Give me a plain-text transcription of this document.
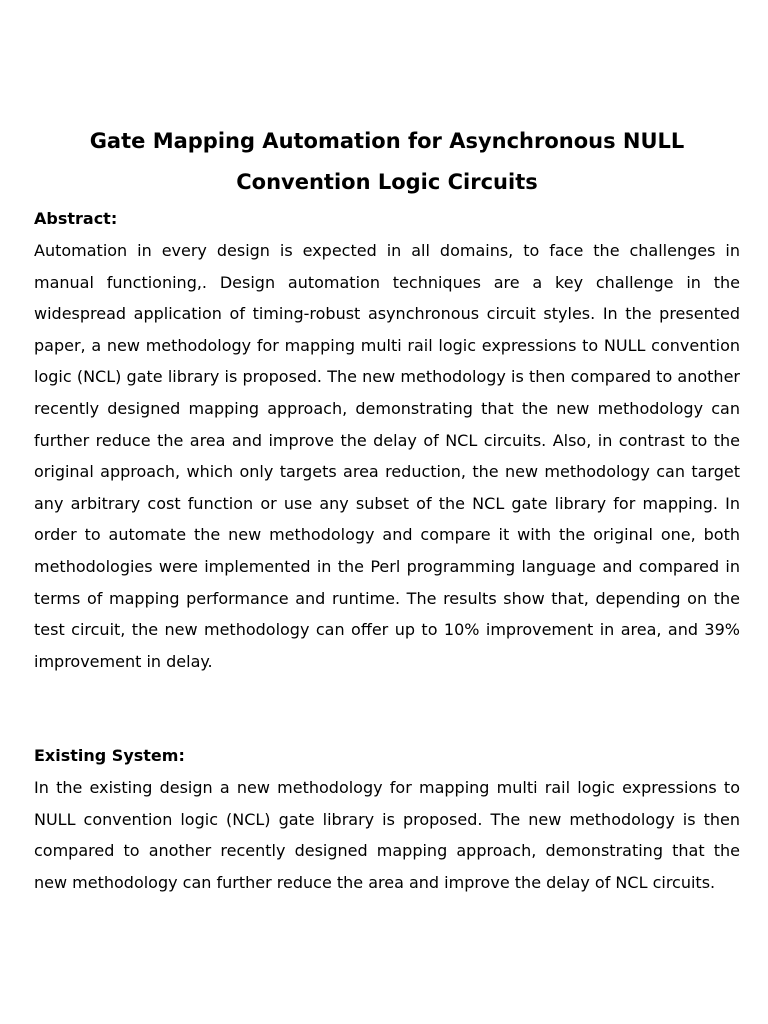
Gate Mapping Automation for Asynchronous NULL Convention Logic Circuits
Abstract:

Automation in every design is expected in all domains, to face the challenges in manual functioning,. Design automation techniques are a key challenge in the widespread application of timing-robust asynchronous circuit styles. In the presented paper, a new methodology for mapping multi rail logic expressions to NULL convention logic (NCL) gate library is proposed. The new methodology is then compared to another recently designed mapping approach, demonstrating that the new methodology can further reduce the area and improve the delay of NCL circuits. Also, in contrast to the original approach, which only targets area reduction, the new methodology can target any arbitrary cost function or use any subset of the NCL gate library for mapping. In order to automate the new methodology and compare it with the original one, both methodologies were implemented in the Perl programming language and compared in terms of mapping performance and runtime. The results show that, depending on the test circuit, the new methodology can offer up to 10% improvement in area, and 39% improvement in delay.

Existing System:

In the existing design a new methodology for mapping multi rail logic expressions to NULL convention logic (NCL) gate library is proposed. The new methodology is then compared to another recently designed mapping approach, demonstrating that the new methodology can further reduce the area and improve the delay of NCL circuits.
